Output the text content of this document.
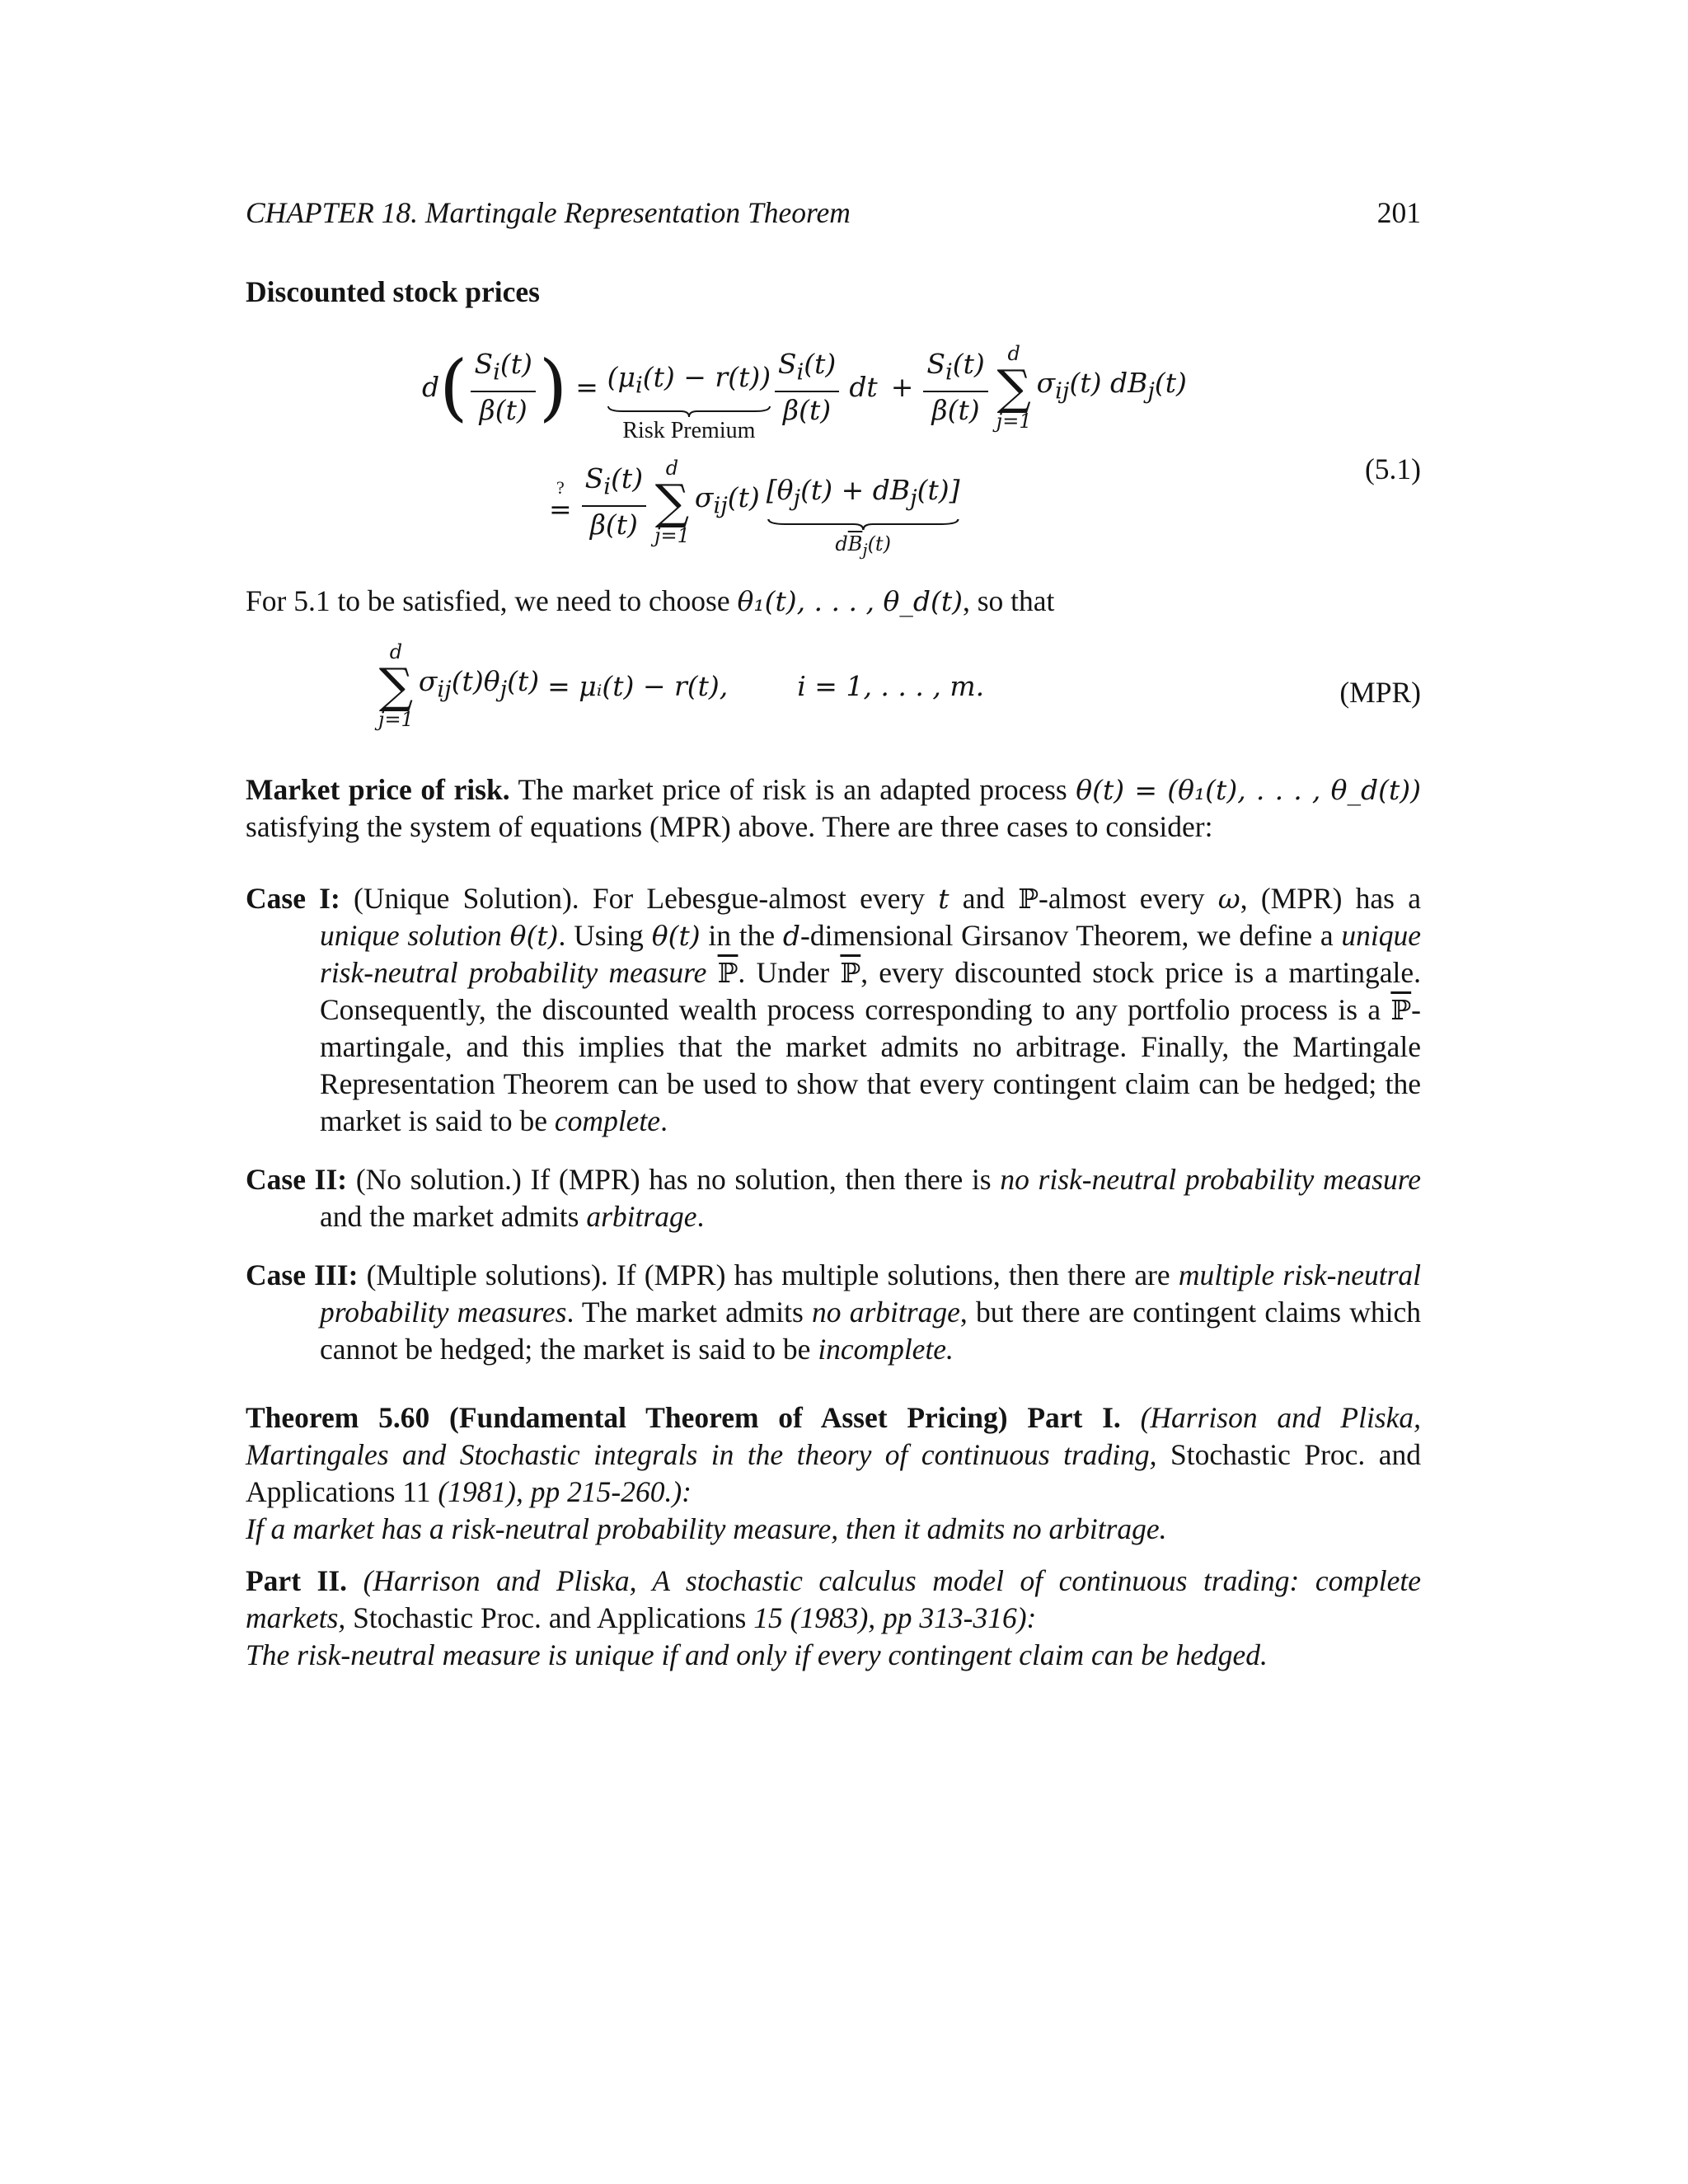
CHAPTER 18. Martingale Representation Theorem	201
Discounted stock prices
d ( $\frac{S_i(t)}{\beta(t)}$ ) = $(\mu_i(t) - r(t))$
Risk Premium
$\frac{S_i(t)}{\beta(t)}$ dt + $\frac{S_i(t)}{\beta(t)}$ d
∑
j=1
$\sigma_{ij}(t)$ $dB_j(t)$
?
= $\frac{S_i(t)}{\beta(t)}$ d
∑
j=1
$\sigma_{ij}(t) [\theta_j(t) + dB_j(t)]$
$d\overline{B}_j(t)$
(5.1)
For 5.1 to be satisfied, we need to choose θ₁(t), . . . , θ_d(t), so that
d
∑
j=1
$\sigma_{ij}(t)\theta_j(t)$ = μᵢ(t) − r(t),	i = 1, . . . , m.	(MPR)
Market price of risk. The market price of risk is an adapted process θ(t) = (θ₁(t), . . . , θ_d(t)) satisfying the system of equations (MPR) above. There are three cases to consider:
Case I: (Unique Solution). For Lebesgue-almost every t and ℙ-almost every ω, (MPR) has a unique solution θ(t). Using θ(t) in the d-dimensional Girsanov Theorem, we define a unique risk-neutral probability measure ℙ. Under ℙ, every discounted stock price is a martingale. Consequently, the discounted wealth process corresponding to any portfolio process is a ℙ-martingale, and this implies that the market admits no arbitrage. Finally, the Martingale Representation Theorem can be used to show that every contingent claim can be hedged; the market is said to be complete.
Case II: (No solution.) If (MPR) has no solution, then there is no risk-neutral probability measure and the market admits arbitrage.
Case III: (Multiple solutions). If (MPR) has multiple solutions, then there are multiple risk-neutral probability measures. The market admits no arbitrage, but there are contingent claims which cannot be hedged; the market is said to be incomplete.
Theorem 5.60 (Fundamental Theorem of Asset Pricing) Part I. (Harrison and Pliska, Martingales and Stochastic integrals in the theory of continuous trading, Stochastic Proc. and Applications 11 (1981), pp 215-260.):
If a market has a risk-neutral probability measure, then it admits no arbitrage.
Part II. (Harrison and Pliska, A stochastic calculus model of continuous trading: complete markets, Stochastic Proc. and Applications 15 (1983), pp 313-316):
The risk-neutral measure is unique if and only if every contingent claim can be hedged.
